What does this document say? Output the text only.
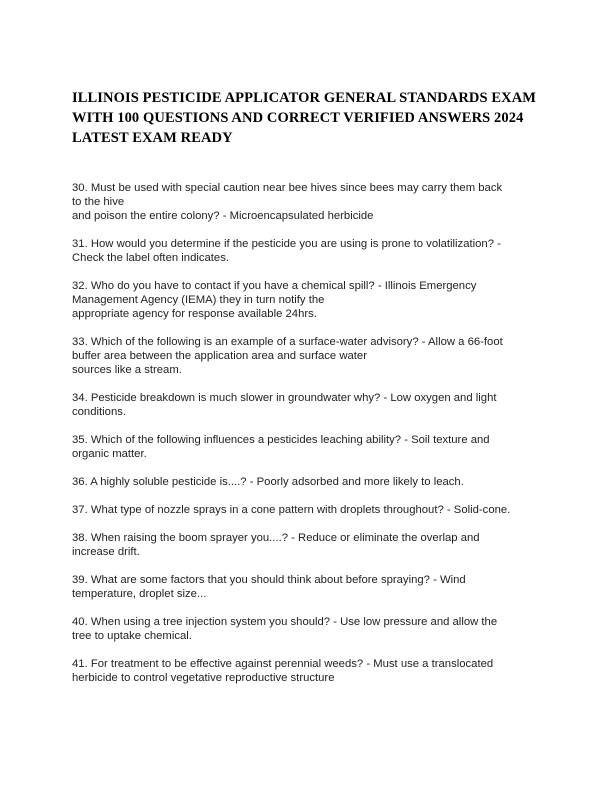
ILLINOIS PESTICIDE APPLICATOR GENERAL STANDARDS EXAM WITH 100 QUESTIONS AND CORRECT VERIFIED ANSWERS 2024 LATEST EXAM READY
30. Must be used with special caution near bee hives since bees may carry them back
to the hive
and poison the entire colony? - Microencapsulated herbicide
31. How would you determine if the pesticide you are using is prone to volatilization? -
Check the label often indicates.
32. Who do you have to contact if you have a chemical spill? - Illinois Emergency
Management Agency (IEMA) they in turn notify the
appropriate agency for response available 24hrs.
33. Which of the following is an example of a surface-water advisory? - Allow a 66-foot
buffer area between the application area and surface water
sources like a stream.
34. Pesticide breakdown is much slower in groundwater why? - Low oxygen and light
conditions.
35. Which of the following influences a pesticides leaching ability? - Soil texture and
organic matter.
36. A highly soluble pesticide is....? - Poorly adsorbed and more likely to leach.
37. What type of nozzle sprays in a cone pattern with droplets throughout? - Solid-cone.
38. When raising the boom sprayer you....? - Reduce or eliminate the overlap and
increase drift.
39. What are some factors that you should think about before spraying? - Wind
temperature, droplet size...
40. When using a tree injection system you should? - Use low pressure and allow the
tree to uptake chemical.
41. For treatment to be effective against perennial weeds? - Must use a translocated
herbicide to control vegetative reproductive structure
